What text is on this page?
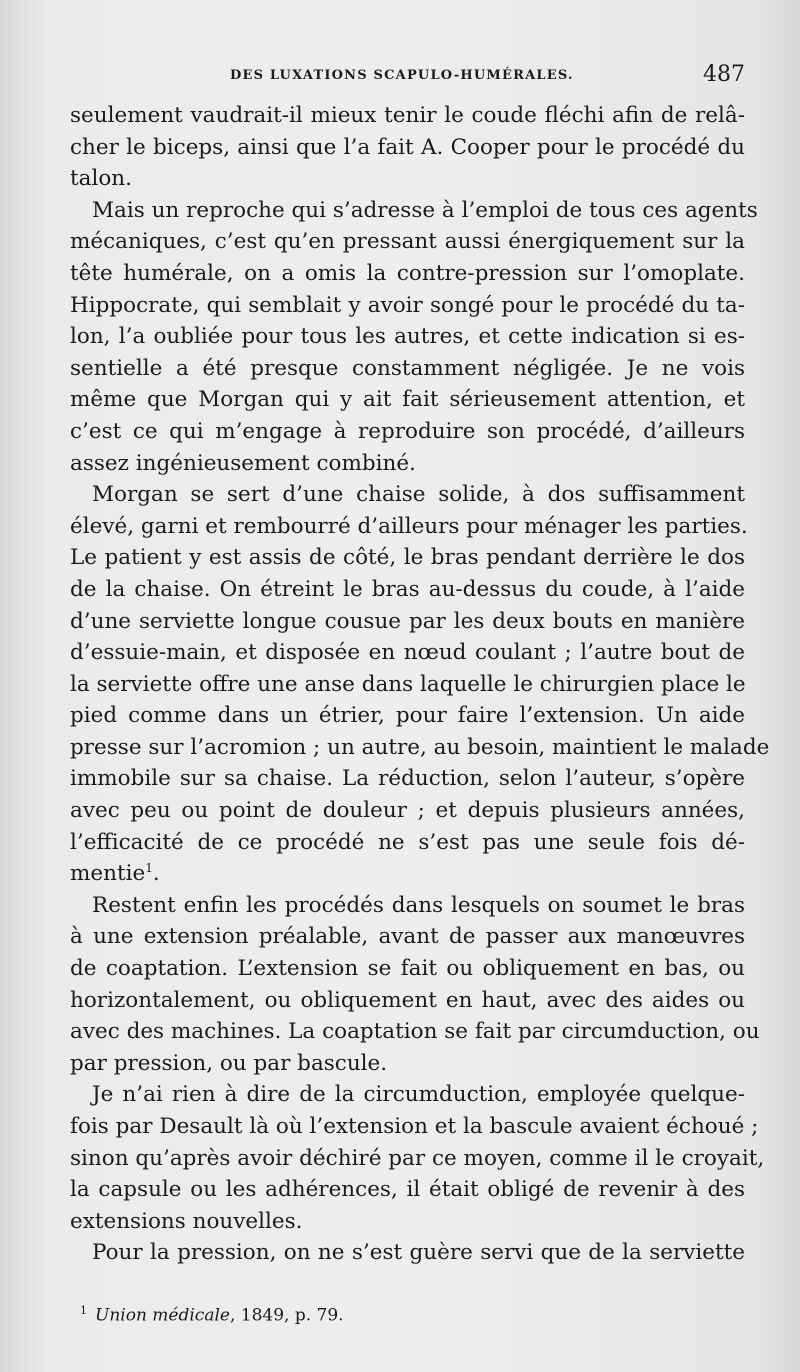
DES LUXATIONS SCAPULO-HUMÉRALES.	487
seulement vaudrait-il mieux tenir le coude fléchi afin de relâ-
cher le biceps, ainsi que l’a fait A. Cooper pour le procédé du
talon.
Mais un reproche qui s’adresse à l’emploi de tous ces agents
mécaniques, c’est qu’en pressant aussi énergiquement sur la
tête humérale, on a omis la contre-pression sur l’omoplate.
Hippocrate, qui semblait y avoir songé pour le procédé du ta-
lon, l’a oubliée pour tous les autres, et cette indication si es-
sentielle a été presque constamment négligée. Je ne vois
même que Morgan qui y ait fait sérieusement attention, et
c’est ce qui m’engage à reproduire son procédé, d’ailleurs
assez ingénieusement combiné.
Morgan se sert d’une chaise solide, à dos suffisamment
élevé, garni et rembourré d’ailleurs pour ménager les parties.
Le patient y est assis de côté, le bras pendant derrière le dos
de la chaise. On étreint le bras au-dessus du coude, à l’aide
d’une serviette longue cousue par les deux bouts en manière
d’essuie-main, et disposée en nœud coulant ; l’autre bout de
la serviette offre une anse dans laquelle le chirurgien place le
pied comme dans un étrier, pour faire l’extension. Un aide
presse sur l’acromion ; un autre, au besoin, maintient le malade
immobile sur sa chaise. La réduction, selon l’auteur, s’opère
avec peu ou point de douleur ; et depuis plusieurs années,
l’efficacité de ce procédé ne s’est pas une seule fois dé-
mentie$^1$.
Restent enfin les procédés dans lesquels on soumet le bras
à une extension préalable, avant de passer aux manœuvres
de coaptation. L’extension se fait ou obliquement en bas, ou
horizontalement, ou obliquement en haut, avec des aides ou
avec des machines. La coaptation se fait par circumduction, ou
par pression, ou par bascule.
Je n’ai rien à dire de la circumduction, employée quelque-
fois par Desault là où l’extension et la bascule avaient échoué ;
sinon qu’après avoir déchiré par ce moyen, comme il le croyait,
la capsule ou les adhérences, il était obligé de revenir à des
extensions nouvelles.
Pour la pression, on ne s’est guère servi que de la serviette
$^1$ Union médicale, 1849, p. 79.
